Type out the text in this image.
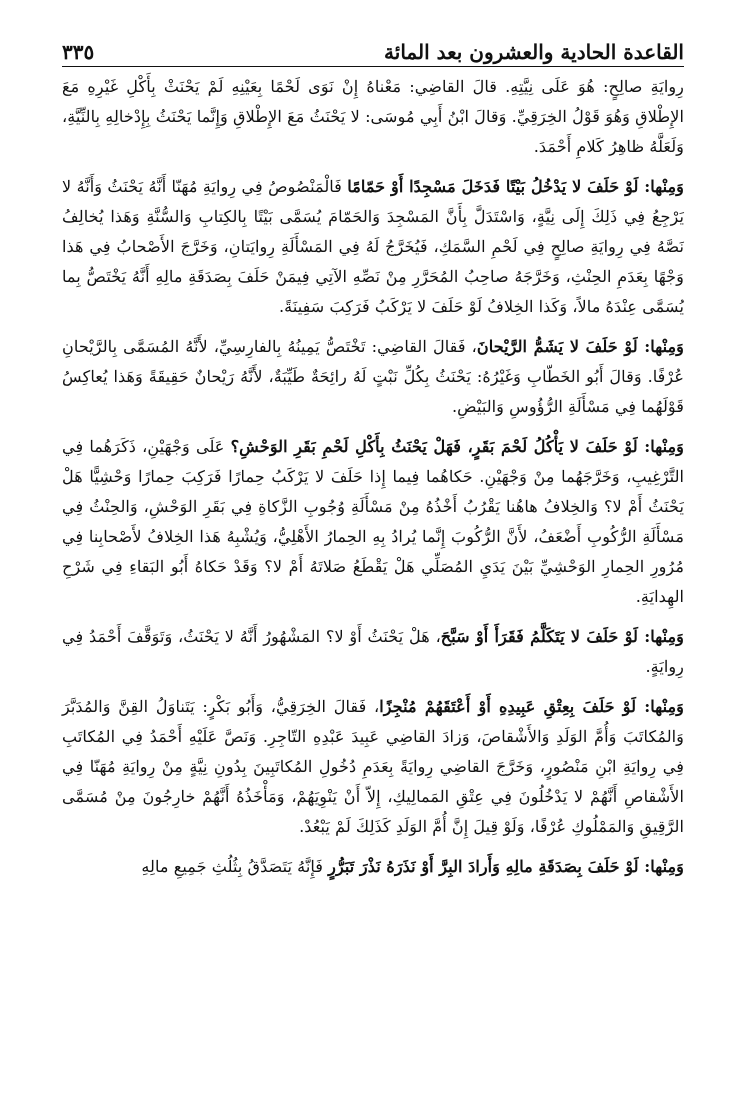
القاعدة الحادية والعشرون بعد المائة
٣٣٥

رِوايَةِ صالِحٍ: هُوَ عَلَى نِيَّتِهِ. قالَ القاضِي: مَعْناهُ إِنْ نَوَى لَحْمًا بِعَيْنِهِ لَمْ يَحْنَثْ بِأَكْلِ غَيْرِهِ مَعَ الإِطْلاقِ وَهُوَ قَوْلُ الخِرَقِيِّ. وَقالَ ابْنُ أَبِي مُوسَى: لا يَحْنَثُ مَعَ الإِطْلاقِ وَإِنَّما يَحْنَثُ بِإِدْخالِهِ بِالنِّيَّةِ، وَلَعَلَّهُ ظاهِرُ كَلامِ أَحْمَدَ.

وَمِنْها: لَوْ حَلَفَ لا يَدْخُلُ بَيْتًا فَدَخَلَ مَسْجِدًا أَوْ حَمّامًا فَالْمَنْصُوصُ فِي رِوايَةِ مُهَنّا أَنَّهُ يَحْنَثُ وَأَنَّهُ لا يَرْجِعُ فِي ذَلِكَ إِلَى نِيَّةٍ، وَاسْتَدَلَّ بِأَنَّ المَسْجِدَ وَالحَمّامَ يُسَمَّى بَيْتًا بِالكِتابِ وَالسُّنَّةِ وَهَذا يُخالِفُ نَصَّهُ فِي رِوايَةِ صالِحٍ فِي لَحْمِ السَّمَكِ، فَيُخَرَّجُ لَهُ فِي المَسْأَلَةِ رِوايَتانِ، وَخَرَّجَ الأَصْحابُ فِي هَذا وَجْهًا بِعَدَمِ الحِنْثِ، وَخَرَّجَهُ صاحِبُ المُحَرَّرِ مِنْ نَصِّهِ الآتِي فِيمَنْ حَلَفَ بِصَدَقَةِ مالِهِ أَنَّهُ يَخْتَصُّ بِما يُسَمَّى عِنْدَهُ مالاً، وَكَذا الخِلافُ لَوْ حَلَفَ لا يَرْكَبُ فَرَكِبَ سَفِينَةً.

وَمِنْها: لَوْ حَلَفَ لا يَشَمُّ الرَّيْحانَ، فَقالَ القاضِي: تَخْتَصُّ يَمِينُهُ بِالفارِسِيِّ، لأَنَّهُ المُسَمَّى بِالرَّيْحانِ عُرْفًا. وَقالَ أَبُو الخَطّابِ وَغَيْرُهُ: يَحْنَثُ بِكُلِّ نَبْتٍ لَهُ رائِحَةٌ طَيِّبَةٌ، لأَنَّهُ رَيْحانٌ حَقِيقَةً وَهَذا يُعاكِسُ قَوْلَهُما فِي مَسْأَلَةِ الرُّؤُوسِ وَالبَيْضِ.

وَمِنْها: لَوْ حَلَفَ لا يَأْكُلُ لَحْمَ بَقَرٍ، فَهَلْ يَحْنَثُ بِأَكْلِ لَحْمِ بَقَرِ الوَحْشِ؟ عَلَى وَجْهَيْنِ، ذَكَرَهُما فِي التَّرْغِيبِ، وَخَرَّجَهُما مِنْ وَجْهَيْنِ. حَكاهُما فِيما إِذا حَلَفَ لا يَرْكَبُ حِمارًا فَرَكِبَ حِمارًا وَحْشِيًّا هَلْ يَحْنَثُ أَمْ لا؟ وَالخِلافُ هاهُنا يَقْرُبُ أَخْذُهُ مِنْ مَسْأَلَةِ وُجُوبِ الزَّكاةِ فِي بَقَرِ الوَحْشِ، وَالحِنْثُ فِي مَسْأَلَةِ الرُّكُوبِ أَضْعَفُ، لأَنَّ الرُّكُوبَ إِنَّما يُرادُ بِهِ الحِمارُ الأَهْلِيُّ، وَيُشْبِهُ هَذا الخِلافُ لأَصْحابِنا فِي مُرُورِ الحِمارِ الوَحْشِيِّ بَيْنَ يَدَيِ المُصَلِّي هَلْ يَقْطَعُ صَلاتَهُ أَمْ لا؟ وَقَدْ حَكاهُ أَبُو البَقاءِ فِي شَرْحِ الهِدايَةِ.

وَمِنْها: لَوْ حَلَفَ لا يَتَكَلَّمُ فَقَرَأَ أَوْ سَبَّحَ، هَلْ يَحْنَثُ أَوْ لا؟ المَشْهُورُ أَنَّهُ لا يَحْنَثُ، وَتَوَقَّفَ أَحْمَدُ فِي رِوايَةٍ.

وَمِنْها: لَوْ حَلَفَ بِعِتْقِ عَبِيدِهِ أَوْ أَعْتَقَهُمْ مُنْجِزًا، فَقالَ الخِرَقِيُّ، وَأَبُو بَكْرٍ: يَتَناوَلُ القِنَّ وَالمُدَبَّرَ وَالمُكاتَبَ وَأُمَّ الوَلَدِ وَالأَشْقاصَ، وَزادَ القاضِي عَبِيدَ عَبْدِهِ التّاجِرِ. وَنَصَّ عَلَيْهِ أَحْمَدُ فِي المُكاتَبِ فِي رِوايَةِ ابْنِ مَنْصُورٍ، وَخَرَّجَ القاضِي رِوايَةً بِعَدَمِ دُخُولِ المُكاتَبِينَ بِدُونِ نِيَّةٍ مِنْ رِوايَةِ مُهَنّا فِي الأَشْقاصِ أَنَّهُمْ لا يَدْخُلُونَ فِي عِتْقِ المَمالِيكِ، إِلاّ أَنْ يَنْوِيَهُمْ، وَمَأْخَذُهُ أَنَّهُمْ خارِجُونَ مِنْ مُسَمَّى الرَّقِيقِ وَالمَمْلُوكِ عُرْفًا، وَلَوْ قِيلَ إِنَّ أُمَّ الوَلَدِ كَذَلِكَ لَمْ يَبْعُدْ.

وَمِنْها: لَوْ حَلَفَ بِصَدَقَةِ مالِهِ وَأَرادَ البِرَّ أَوْ نَذَرَهُ نَذْرَ تَبَرُّرٍ فَإِنَّهُ يَتَصَدَّقُ بِثُلُثِ جَمِيعِ مالِهِ
